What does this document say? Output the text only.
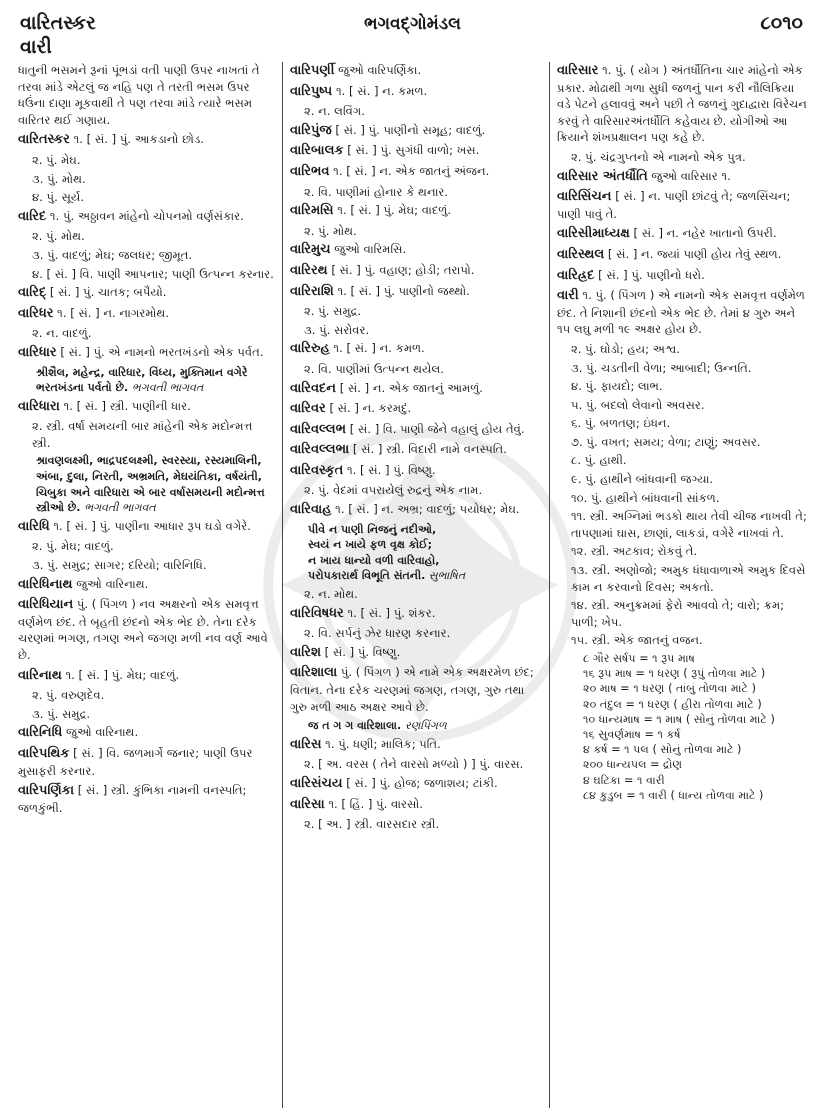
વારિતસ્કર
વારી
ભગવદ્ગોમંડલ	૮૦૧૦
ધાતુની ભસમને રૂનાં પૂંભડાં વતી પાણી ઉપર નાખતાં તે તરવા માંડે એટલું જ નહિ પણ તે તરતી ભસમ ઉપર ધઉંના દાણા મૂકવાથી તે પણ તરવા માંડે ત્યારે ભસમ વારિતર થઈ ગણાય.
વારિતસ્કર ૧. [ સં. ] પું. આકડાનો છોડ.
૨. પું. મેઘ.
૩. પું. મોથ.
૪. પું. સૂર્ય.
વારિદ ૧. પું. અઠ્ઠાવન માંહેનો ચોપનમો વર્ણસંકાર.
૨. પું. મોથ.
૩. પું. વાદળું; મેઘ; જલધર; જીમૂત.
૪. [ સં. ] વિ. પાણી આપનાર; પાણી ઉત્પન્ન કરનાર.
વારિદ્ [ સં. ] પું. ચાતક; બપૈયો.
વારિધર ૧. [ સં. ] ન. નાગરમોથ.
૨. ન. વાદળું.
વારિધાર [ સં. ] પું. એ નામનો ભરતખંડનો એક પર્વત.
શ્રીશૈલ, મહેન્દ્ર, વારિધાર, વિંધ્ય, મુક્તિમાન વગેરે ભરતખંડના પર્વતો છે. ભગવતી ભાગવત
વારિધારા ૧. [ સં. ] સ્ત્રી. પાણીની ધાર.
૨. સ્ત્રી. વર્ષા સમયની બાર માંહેની એક મદોન્મત્ત સ્ત્રી.
શ્રાવણલક્ષ્મી, ભાદ્રપદલક્ષ્મી, સ્વરસ્યા, રસ્યમાલિની, અંબા, દુલા, નિરતી, અભ્રમતિ, મેઘયંતિકા, વર્ષયંતી, ચિબુકા અને વારિધારા એ બાર વર્ષાસમયની મદોન્મત્ત સ્ત્રીઓ છે. ભગવતી ભાગવત
વારિધિ ૧. [ સં. ] પું. પાણીના આધાર રૂપ ઘડો વગેરે.
૨. પું. મેઘ; વાદળું.
૩. પું. સમુદ્ર; સાગર; દરિયો; વારિનિધિ.
વારિધિનાથ જુઓ વારિનાથ.
વારિધિયાન પું. ( પિંગળ ) નવ અક્ષરનો એક સમવૃત્ત વર્ણમેળ છંદ. તે બૃહતી છંદનો એક ભેદ છે. તેના દરેક ચરણમાં ભગણ, તગણ અને જગણ મળી નવ વર્ણ આવે છે.
વારિનાથ ૧. [ સં. ] પું. મેઘ; વાદળું.
૨. પું. વરુણદેવ.
૩. પું. સમુદ્ર.
વારિનિધિ જુઓ વારિનાથ.
વારિપથિક [ સં. ] વિ. જળમાર્ગે જનાર; પાણી ઉપર મુસાફરી કરનાર.
વારિપર્ણિકા [ સં. ] સ્ત્રી. કુંભિકા નામની વનસ્પતિ; જળકુંભી.
વારિપર્ણી જુઓ વારિપર્ણિકા.
વારિપુષ્પ ૧. [ સં. ] ન. કમળ.
૨. ન. લવિંગ.
વારિપુંજ [ સં. ] પું. પાણીનો સમૂહ; વાદળું.
વારિબાલક [ સં. ] પું. સુગંધી વાળો; ખસ.
વારિભવ ૧. [ સં. ] ન. એક જાતનું અંજન.
૨. વિ. પાણીમાં હોનાર કે થનાર.
વારિમસિ ૧. [ સં. ] પું. મેઘ; વાદળું.
૨. પું. મોથ.
વારિમુચ જુઓ વારિમસિ.
વારિરથ [ સં. ] પું. વહાણ; હોડી; તરાપો.
વારિરાશિ ૧. [ સં. ] પું. પાણીનો જથ્થો.
૨. પું. સમુદ્ર.
૩. પું. સરોવર.
વારિરુહ ૧. [ સં. ] ન. કમળ.
૨. વિ. પાણીમાં ઉત્પન્ન થયેલ.
વારિવદન [ સં. ] ન. એક જાતનું આમળું.
વારિવર [ સં. ] ન. કરમદું.
વારિવલ્લભ [ સં. ] વિ. પાણી જેને વહાલું હોય તેવું.
વારિવલ્લભા [ સં. ] સ્ત્રી. વિદારી નામે વનસ્પતિ.
વારિવસ્કૃત ૧. [ સં. ] પું. વિષ્ણુ.
૨. પું. વેદમાં વપરાયેલું રુદ્રનું એક નામ.
વારિવાહ ૧. [ સં. ] ન. અભ્ર; વાદળું; પયોધર; મેઘ.
પીવે ન પાણી નિજનું નદીઓ,
સ્વયં ન ખાયે ફળ વૃક્ષ કોઈ;
ન ખાય ધાન્યો વળી વારિવાહો,
પરોપકારાર્થ વિભૂતિ સંતની. સુભાષિત
૨. ન. મોથ.
વારિવિષધર ૧. [ સં. ] પું. શંકર.
૨. વિ. સર્પનું ઝેર ધારણ કરનાર.
વારિશ [ સં. ] પું. વિષ્ણુ.
વારિશાલા પું. ( પિંગળ ) એ નામે એક અક્ષરમેળ છંદ; વિતાન. તેના દરેક ચરણમાં જગણ, તગણ, ગુરુ તથા ગુરુ મળી આઠ અક્ષર આવે છે.
જ ત ગ ગ વારિશાલા. રણપિંગળ
વારિસ ૧. પું. ધણી; માલિક; પતિ.
૨. [ અ. વરસ ( તેને વારસો મળ્યો ) ] પું. વારસ.
વારિસંચય [ સં. ] પું. હોજ; જળાશય; ટાંકી.
વારિસા ૧. [ હિં. ] પું. વારસો.
૨. [ અ. ] સ્ત્રી. વારસદાર સ્ત્રી.
વારિસાર ૧. પું. ( યોગ ) અંતર્ધૌતિના ચાર માંહેનો એક પ્રકાર. મોઢાથી ગળા સુધી જળનું પાન કરી નૌલિક્રિયા વડે પેટને હલાવવું અને પછી તે જળનું ગુદાદ્વારા વિરેચન કરવું તે વારિસારઅંતર્ધૌતિ કહેવાય છે. યોગીઓ આ ક્રિયાને શંખપ્રક્ષાલન પણ કહે છે.
૨. પું. ચંદ્રગુપ્તનો એ નામનો એક પુત્ર.
વારિસાર અંતર્ધૌતિ જુઓ વારિસાર ૧.
વારિસિંચન [ સં. ] ન. પાણી છાંટવું તે; જળસિંચન; પાણી પાવું તે.
વારિસીમાધ્યક્ષ [ સં. ] ન. નહેર ખાતાનો ઉપરી.
વારિસ્થલ [ સં. ] ન. જ્યાં પાણી હોય તેવું સ્થળ.
વારિહ્રદ [ સં. ] પું. પાણીનો ધરો.
વારી ૧. પું. ( પિંગળ ) એ નામનો એક સમવૃત્ત વર્ણમેળ છંદ. તે નિશાની છંદનો એક ભેદ છે. તેમાં ૪ ગુરુ અને ૧૫ લઘુ મળી ૧૯ અક્ષર હોય છે.
૨. પું. ઘોડો; હય; અશ્વ.
૩. પું. ચડતીની વેળા; આબાદી; ઉન્નતિ.
૪. પું. ફાયદો; લાભ.
૫. પું. બદલો લેવાનો અવસર.
૬. પું. બળતણ; ઇંધન.
૭. પું. વખત; સમય; વેળા; ટાણું; અવસર.
૮. પું. હાથી.
૯. પું. હાથીને બાંધવાની જગ્યા.
૧૦. પું. હાથીને બાંધવાની સાંકળ.
૧૧. સ્ત્રી. અગ્નિમાં ભડકો થાય તેવી ચીજ નાખવી તે; તાપણામાં ઘાસ, છાણાં, લાકડાં, વગેરે નાખવાં તે.
૧૨. સ્ત્રી. અટકાવ; રોકવું તે.
૧૩. સ્ત્રી. અણોજો; અમુક ધંધાવાળાએ અમુક દિવસે કામ ન કરવાનો દિવસ; અકતો.
૧૪. સ્ત્રી. અનુક્રમમાં ફેરો આવવો તે; વારો; ક્રમ; પાળી; ખેપ.
૧૫. સ્ત્રી. એક જાતનું વજન.
૮ ગૌર સર્ષપ = ૧ રૂપ માષ
૧૬ રૂપ માષ = ૧ ધરણ ( રૂપું તોળવા માટે )
૨૦ માષ = ૧ ધરણ ( તાંબું તોળવા માટે )
૨૦ તંદુલ = ૧ ધરણ ( હીરા તોળવા માટે )
૧૦ ધાન્યમાષ = ૧ માષ ( સોનું તોળવા માટે )
૧૬ સુવર્ણમાષ = ૧ કર્ષ
૪ કર્ષ = ૧ પલ ( સોનું તોળવા માટે )
૨૦૦ ધાન્યપલ = દ્રોણ
૪ ઘટિકા = ૧ વારી
૮૪ કુડુબ = ૧ વારી ( ધાન્ય તોળવા માટે )
